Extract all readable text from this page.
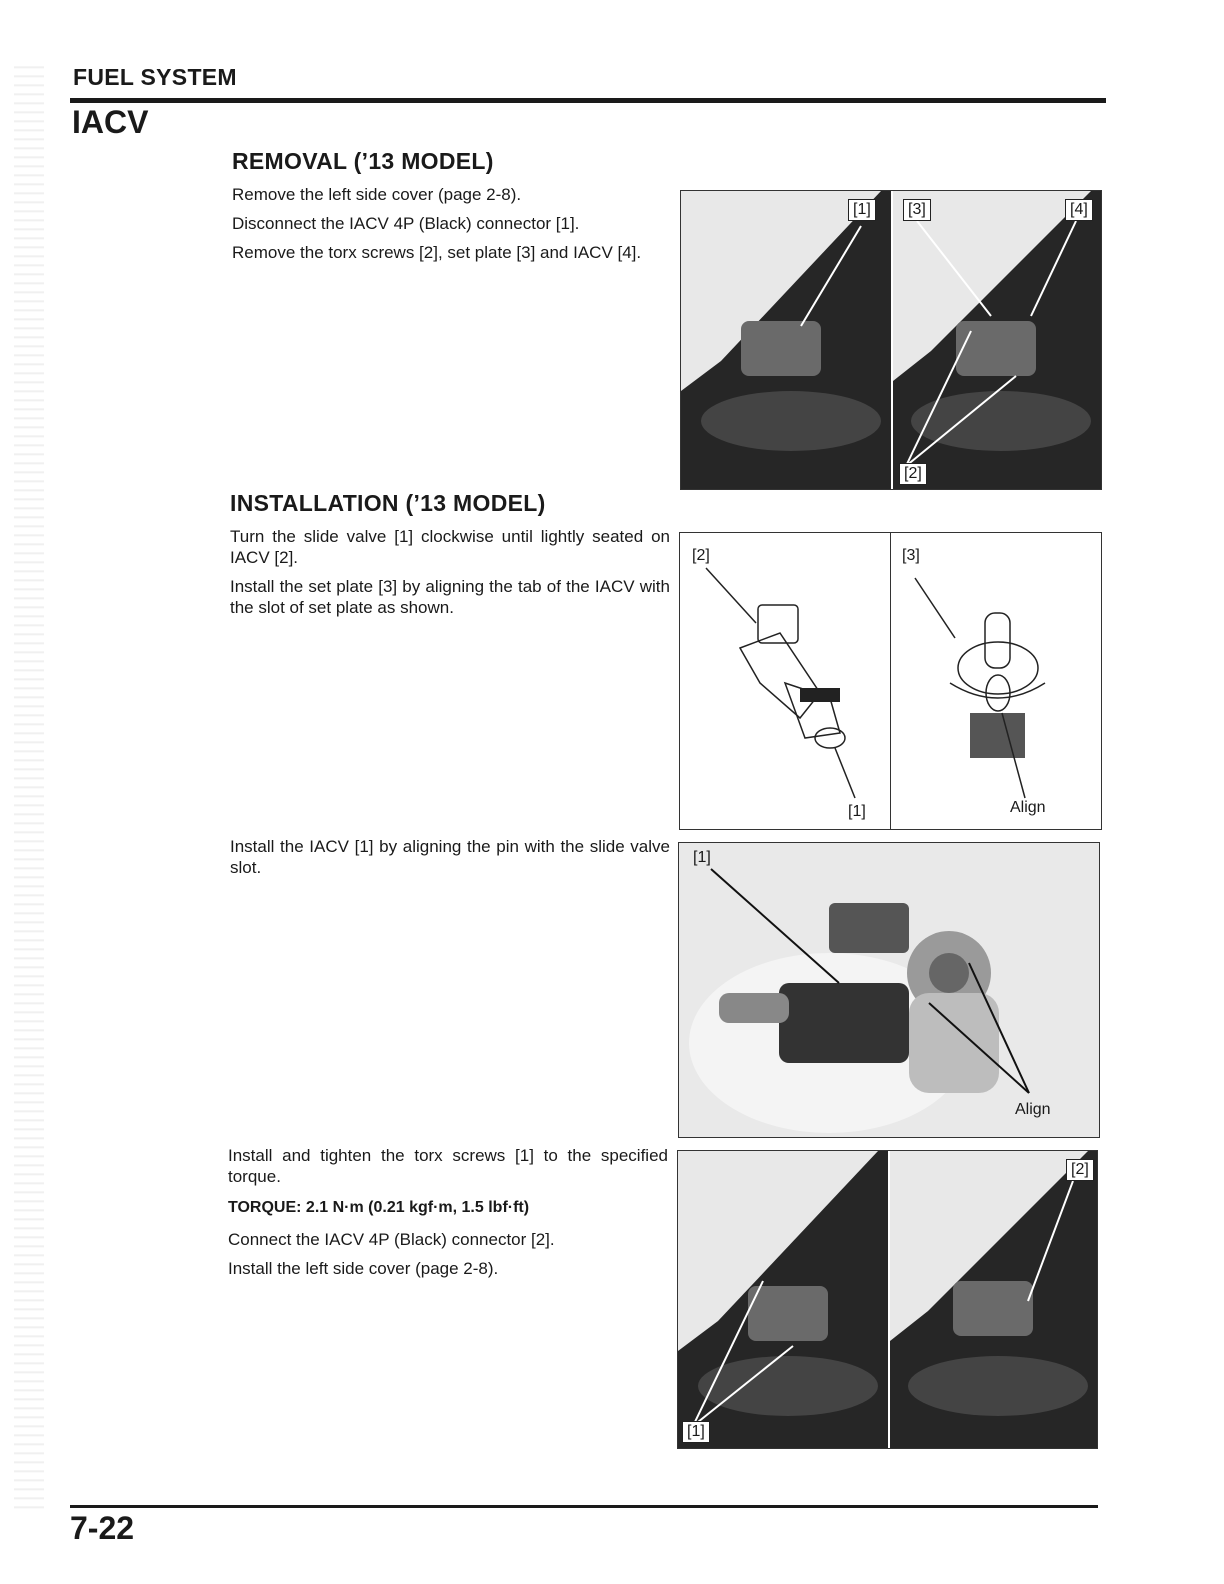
FUEL SYSTEM
IACV
REMOVAL (’13 MODEL)

Remove the left side cover (page 2-8).

Disconnect the IACV 4P (Black) connector [1].

Remove the torx screws [2], set plate [3] and IACV [4].

[1]	[3]	[4]
[2]
INSTALLATION (’13 MODEL)

Turn the slide valve [1] clockwise until lightly seated on IACV [2].

Install the set plate [3] by aligning the tab of the IACV with the slot of set plate as shown.

[2]
[1]
[3]
Align

Install the IACV [1] by aligning the pin with the slide valve slot.

[1]
Align

Install and tighten the torx screws [1] to the specified torque.

TORQUE: 2.1 N·m (0.21 kgf·m, 1.5 lbf·ft)

Connect the IACV 4P (Black) connector [2].

Install the left side cover (page 2-8).

[2]
[1]
7-22
